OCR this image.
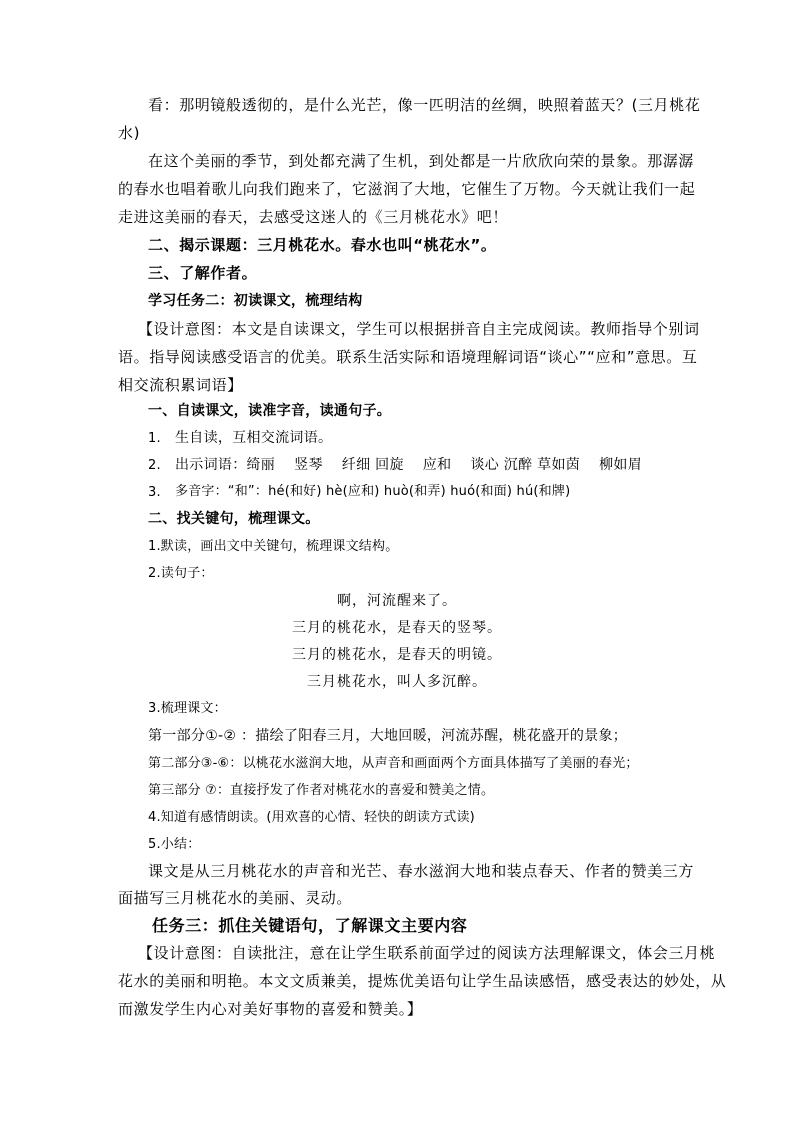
看：那明镜般透彻的，是什么光芒，像一匹明洁的丝绸，映照着蓝天？(三月桃花
水)
在这个美丽的季节，到处都充满了生机，到处都是一片欣欣向荣的景象。那潺潺
的春水也唱着歌儿向我们跑来了，它滋润了大地，它催生了万物。今天就让我们一起
走进这美丽的春天，去感受这迷人的《三月桃花水》吧！
二、揭示课题：三月桃花水。春水也叫“桃花水”。
三、了解作者。
学习任务二：初读课文，梳理结构
【设计意图：本文是自读课文，学生可以根据拼音自主完成阅读。教师指导个别词
语。指导阅读感受语言的优美。联系生活实际和语境理解词语“谈心”“应和”意思。互
相交流积累词语】
一、自读课文，读准字音，读通句子。
1. 生自读，互相交流词语。
2. 出示词语：绮丽　 竖琴　 纤细 回旋　 应和　 谈心 沉醉 草如茵　 柳如眉
3. 多音字：“和”：hé(和好) hè(应和) huò(和弄) huó(和面) hú(和牌)
二、找关键句，梳理课文。
1.默读，画出文中关键句，梳理课文结构。
2.读句子：
啊，河流醒来了。
三月的桃花水，是春天的竖琴。
三月的桃花水，是春天的明镜。
三月桃花水，叫人多沉醉。
3.梳理课文：
第一部分①-② ：描绘了阳春三月，大地回暖，河流苏醒，桃花盛开的景象；
第二部分③-⑥：以桃花水滋润大地，从声音和画面两个方面具体描写了美丽的春光；
第三部分 ⑦：直接抒发了作者对桃花水的喜爱和赞美之情。
4.知道有感情朗读。(用欢喜的心情、轻快的朗读方式读)
5.小结：
课文是从三月桃花水的声音和光芒、春水滋润大地和装点春天、作者的赞美三方
面描写三月桃花水的美丽、灵动。
任务三：抓住关键语句，了解课文主要内容
【设计意图：自读批注，意在让学生联系前面学过的阅读方法理解课文，体会三月桃
花水的美丽和明艳。本文文质兼美，提炼优美语句让学生品读感悟，感受表达的妙处，从
而激发学生内心对美好事物的喜爱和赞美。】
